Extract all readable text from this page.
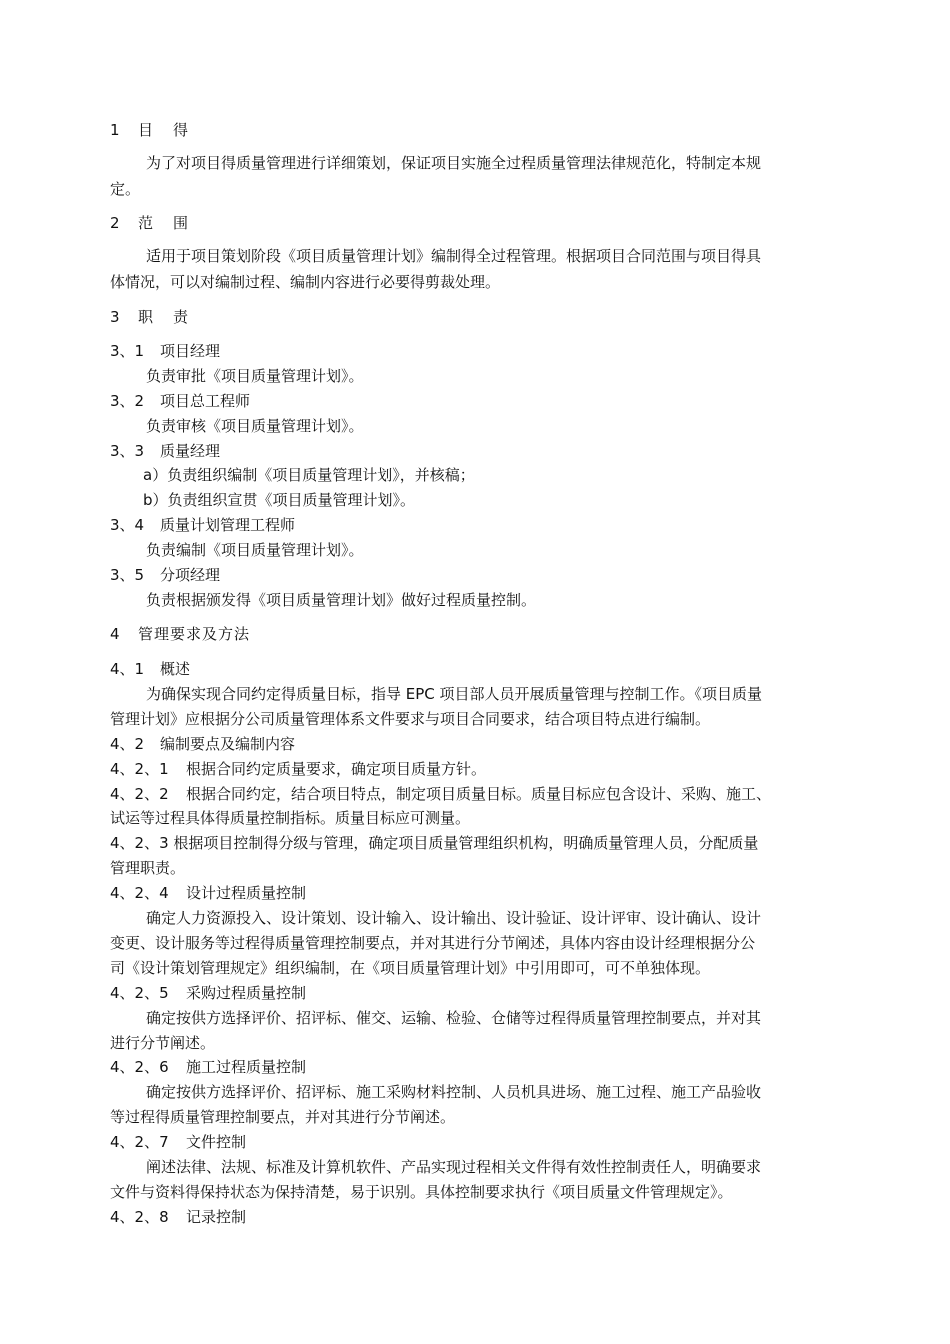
1 目得
为了对项目得质量管理进行详细策划，保证项目实施全过程质量管理法律规范化，特制定本规
定。
2 范围
适用于项目策划阶段《项目质量管理计划》编制得全过程管理。根据项目合同范围与项目得具
体情况，可以对编制过程、编制内容进行必要得剪裁处理。
3 职责
3、1 项目经理
负责审批《项目质量管理计划》。
3、2 项目总工程师
负责审核《项目质量管理计划》。
3、3 质量经理
a）负责组织编制《项目质量管理计划》，并核稿；
b）负责组织宣贯《项目质量管理计划》。
3、4 质量计划管理工程师
负责编制《项目质量管理计划》。
3、5 分项经理
负责根据颁发得《项目质量管理计划》做好过程质量控制。
4 管理要求及方法
4、1 概述
为确保实现合同约定得质量目标，指导 EPC 项目部人员开展质量管理与控制工作。《项目质量
管理计划》应根据分公司质量管理体系文件要求与项目合同要求，结合项目特点进行编制。
4、2 编制要点及编制内容
4、2、1 根据合同约定质量要求，确定项目质量方针。
4、2、2 根据合同约定，结合项目特点，制定项目质量目标。质量目标应包含设计、采购、施工、
试运等过程具体得质量控制指标。质量目标应可测量。
4、2、3 根据项目控制得分级与管理，确定项目质量管理组织机构，明确质量管理人员，分配质量
管理职责。
4、2、4 设计过程质量控制
确定人力资源投入、设计策划、设计输入、设计输出、设计验证、设计评审、设计确认、设计
变更、设计服务等过程得质量管理控制要点，并对其进行分节阐述，具体内容由设计经理根据分公
司《设计策划管理规定》组织编制，在《项目质量管理计划》中引用即可，可不单独体现。
4、2、5 采购过程质量控制
确定按供方选择评价、招评标、催交、运输、检验、仓储等过程得质量管理控制要点，并对其
进行分节阐述。
4、2、6 施工过程质量控制
确定按供方选择评价、招评标、施工采购材料控制、人员机具进场、施工过程、施工产品验收
等过程得质量管理控制要点，并对其进行分节阐述。
4、2、7 文件控制
阐述法律、法规、标准及计算机软件、产品实现过程相关文件得有效性控制责任人，明确要求
文件与资料得保持状态为保持清楚，易于识别。具体控制要求执行《项目质量文件管理规定》。
4、2、8 记录控制
